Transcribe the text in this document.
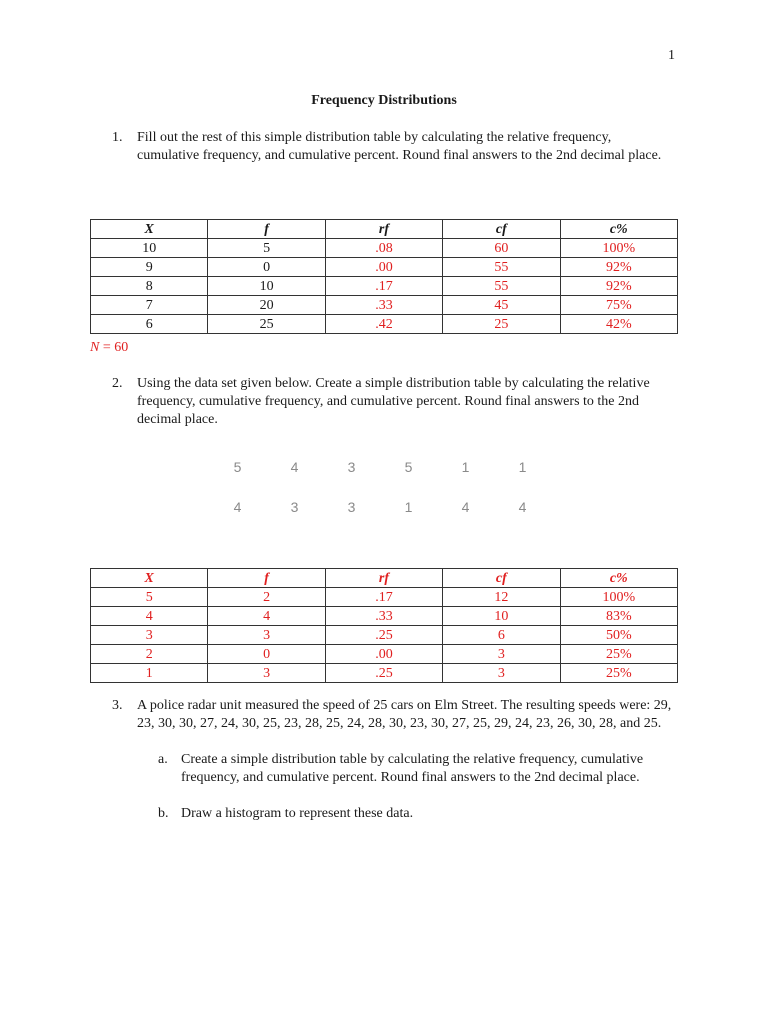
1
Frequency Distributions
1. Fill out the rest of this simple distribution table by calculating the relative frequency, cumulative frequency, and cumulative percent. Round final answers to the 2nd decimal place.
X	f	rf	cf	c%
10	5	.08	60	100%
9	0	.00	55	92%
8	10	.17	55	92%
7	20	.33	45	75%
6	25	.42	25	42%
N = 60
2. Using the data set given below. Create a simple distribution table by calculating the relative frequency, cumulative frequency, and cumulative percent. Round final answers to the 2nd decimal place.
5	4	3	5	1	1
4	3	3	1	4	4
X	f	rf	cf	c%
5	2	.17	12	100%
4	4	.33	10	83%
3	3	.25	6	50%
2	0	.00	3	25%
1	3	.25	3	25%
3. A police radar unit measured the speed of 25 cars on Elm Street. The resulting speeds were: 29, 23, 30, 30, 27, 24, 30, 25, 23, 28, 25, 24, 28, 30, 23, 30, 27, 25, 29, 24, 23, 26, 30, 28, and 25.
a. Create a simple distribution table by calculating the relative frequency, cumulative frequency, and cumulative percent. Round final answers to the 2nd decimal place.
b. Draw a histogram to represent these data.
